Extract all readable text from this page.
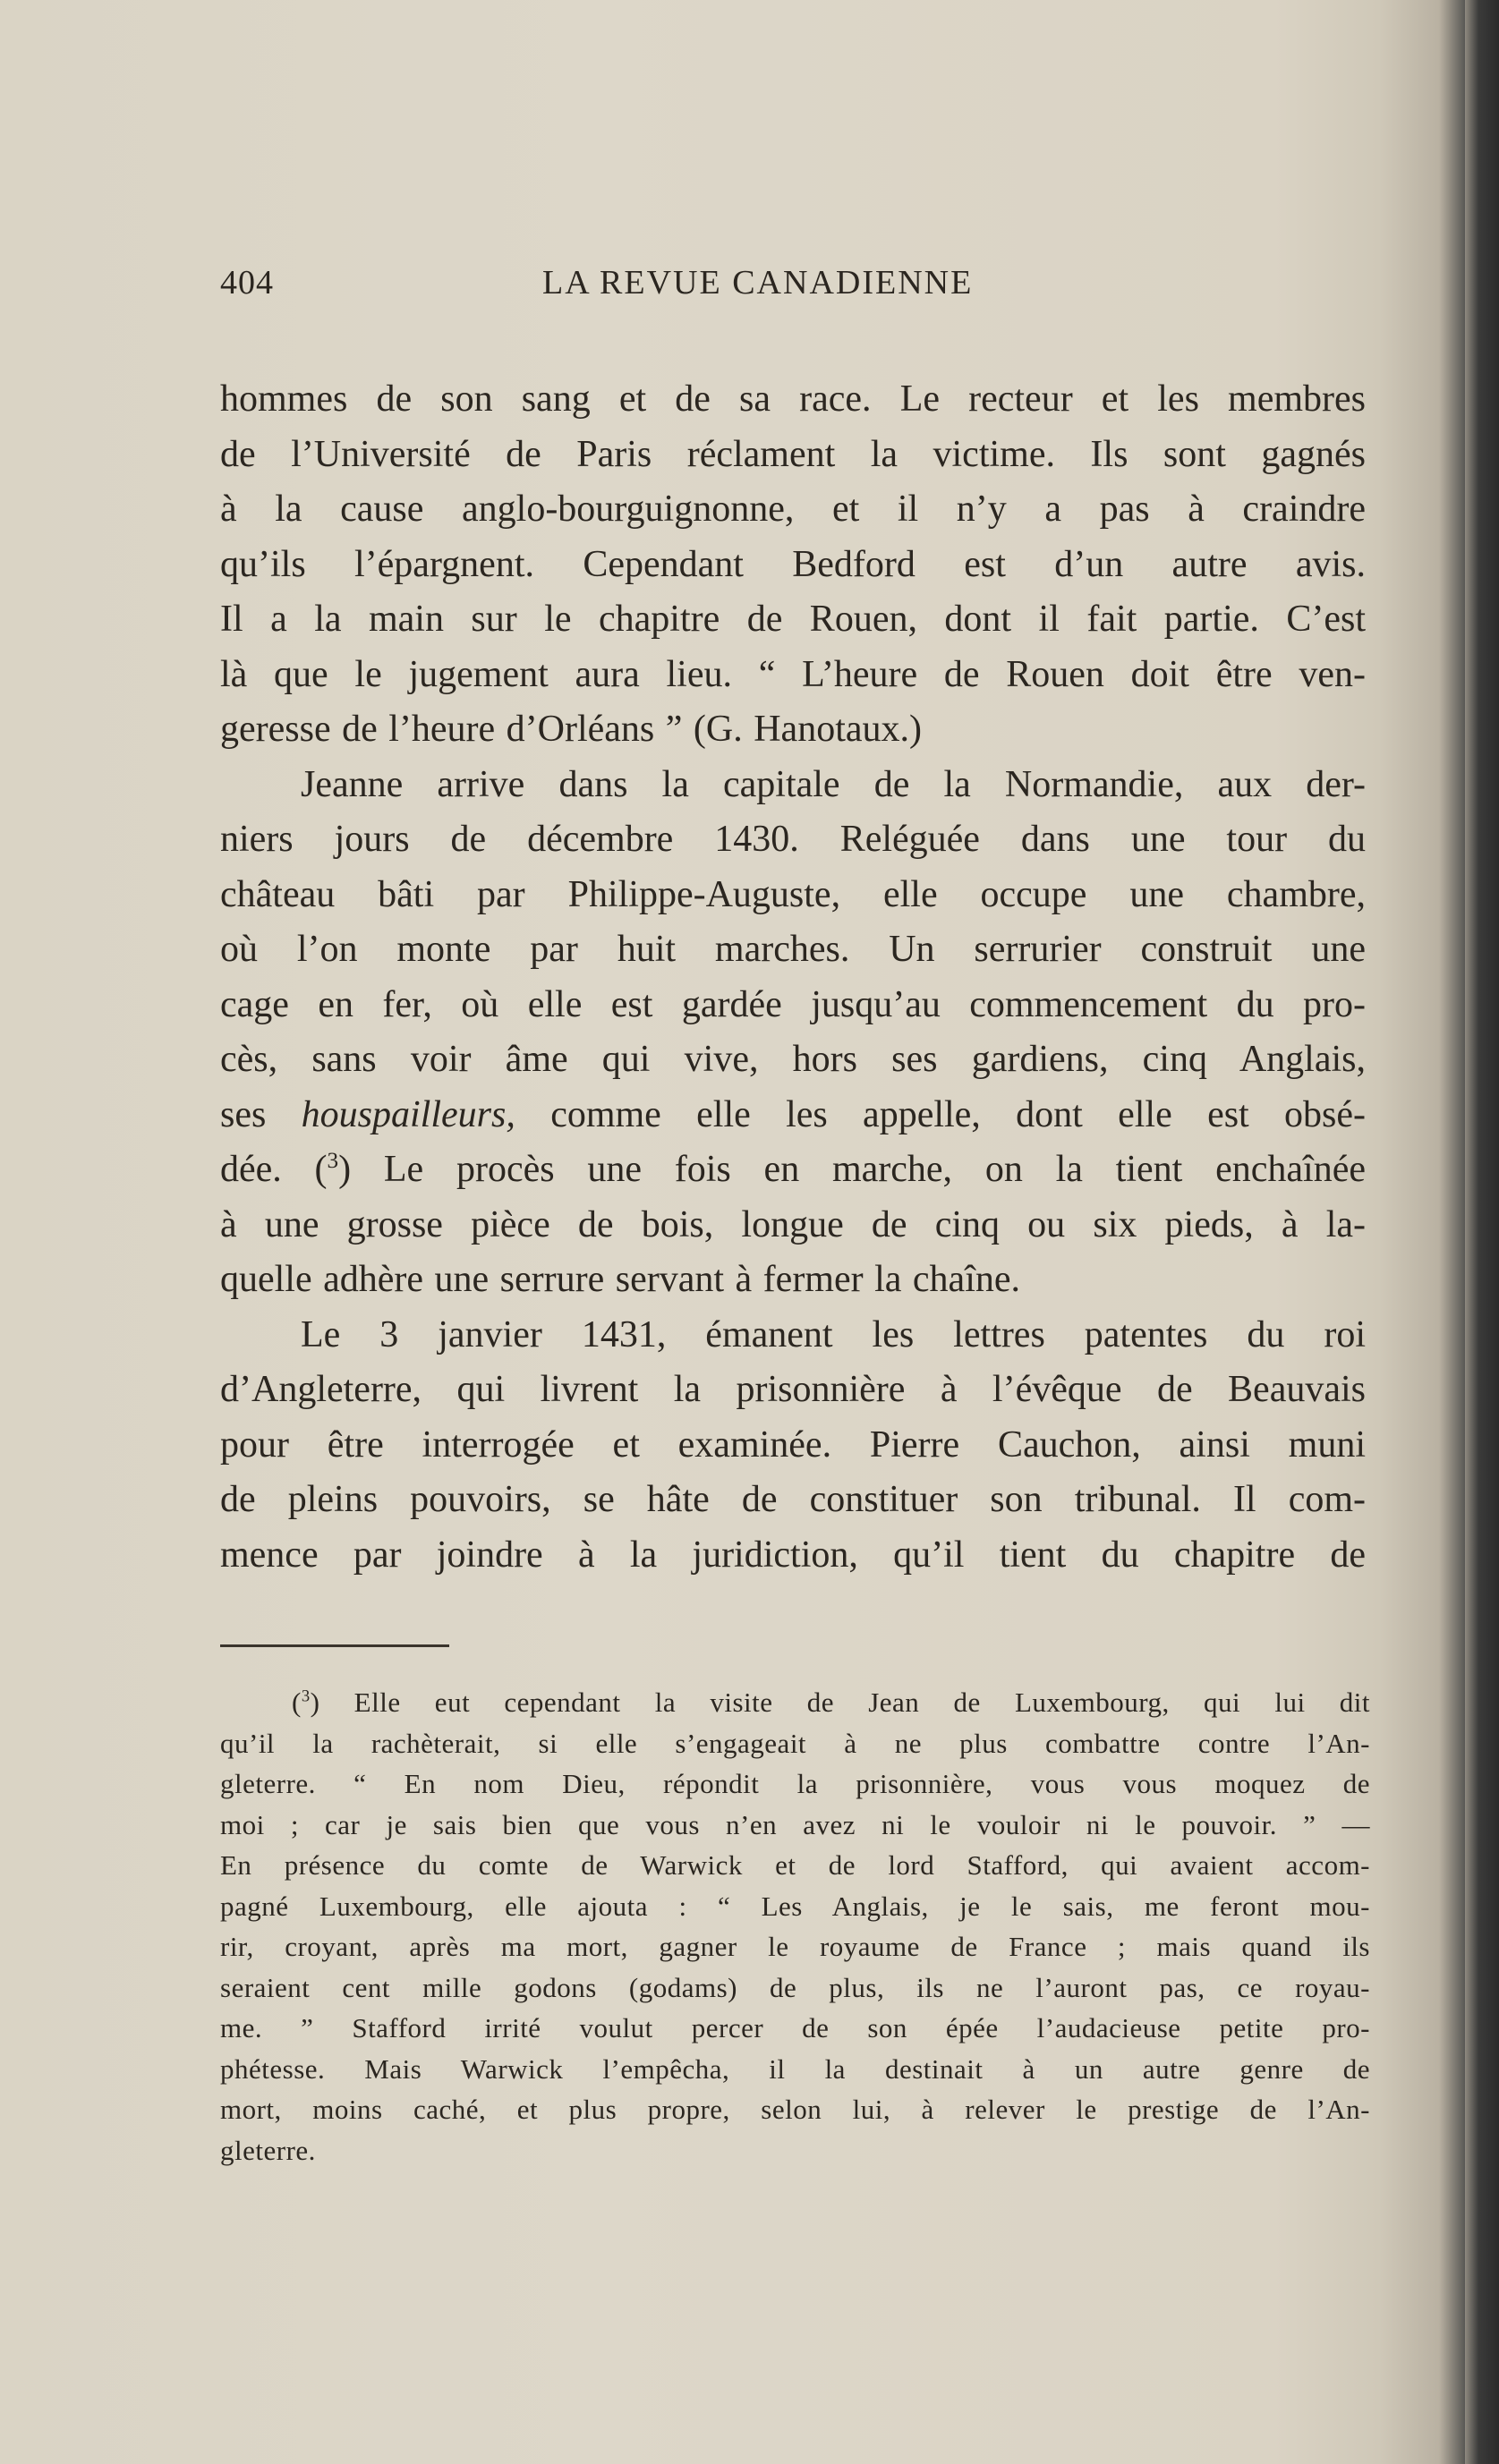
404	LA REVUE CANADIENNE
hommes de son sang et de sa race. Le recteur et les membres
de l’Université de Paris réclament la victime. Ils sont gagnés
à la cause anglo-bourguignonne, et il n’y a pas à craindre
qu’ils l’épargnent. Cependant Bedford est d’un autre avis.
Il a la main sur le chapitre de Rouen, dont il fait partie. C’est
là que le jugement aura lieu. “ L’heure de Rouen doit être ven-
geresse de l’heure d’Orléans ” (G. Hanotaux.)
Jeanne arrive dans la capitale de la Normandie, aux der-
niers jours de décembre 1430. Reléguée dans une tour du
château bâti par Philippe-Auguste, elle occupe une chambre,
où l’on monte par huit marches. Un serrurier construit une
cage en fer, où elle est gardée jusqu’au commencement du pro-
cès, sans voir âme qui vive, hors ses gardiens, cinq Anglais,
ses houspailleurs, comme elle les appelle, dont elle est obsé-
dée. ($^3$) Le procès une fois en marche, on la tient enchaînée
à une grosse pièce de bois, longue de cinq ou six pieds, à la-
quelle adhère une serrure servant à fermer la chaîne.
Le 3 janvier 1431, émanent les lettres patentes du roi
d’Angleterre, qui livrent la prisonnière à l’évêque de Beauvais
pour être interrogée et examinée. Pierre Cauchon, ainsi muni
de pleins pouvoirs, se hâte de constituer son tribunal. Il com-
mence par joindre à la juridiction, qu’il tient du chapitre de
($^3$) Elle eut cependant la visite de Jean de Luxembourg, qui lui dit
qu’il la rachèterait, si elle s’engageait à ne plus combattre contre l’An-
gleterre. “ En nom Dieu, répondit la prisonnière, vous vous moquez de
moi ; car je sais bien que vous n’en avez ni le vouloir ni le pouvoir. ” —
En présence du comte de Warwick et de lord Stafford, qui avaient accom-
pagné Luxembourg, elle ajouta : “ Les Anglais, je le sais, me feront mou-
rir, croyant, après ma mort, gagner le royaume de France ; mais quand ils
seraient cent mille godons (godams) de plus, ils ne l’auront pas, ce royau-
me. ” Stafford irrité voulut percer de son épée l’audacieuse petite pro-
phétesse. Mais Warwick l’empêcha, il la destinait à un autre genre de
mort, moins caché, et plus propre, selon lui, à relever le prestige de l’An-
gleterre.
